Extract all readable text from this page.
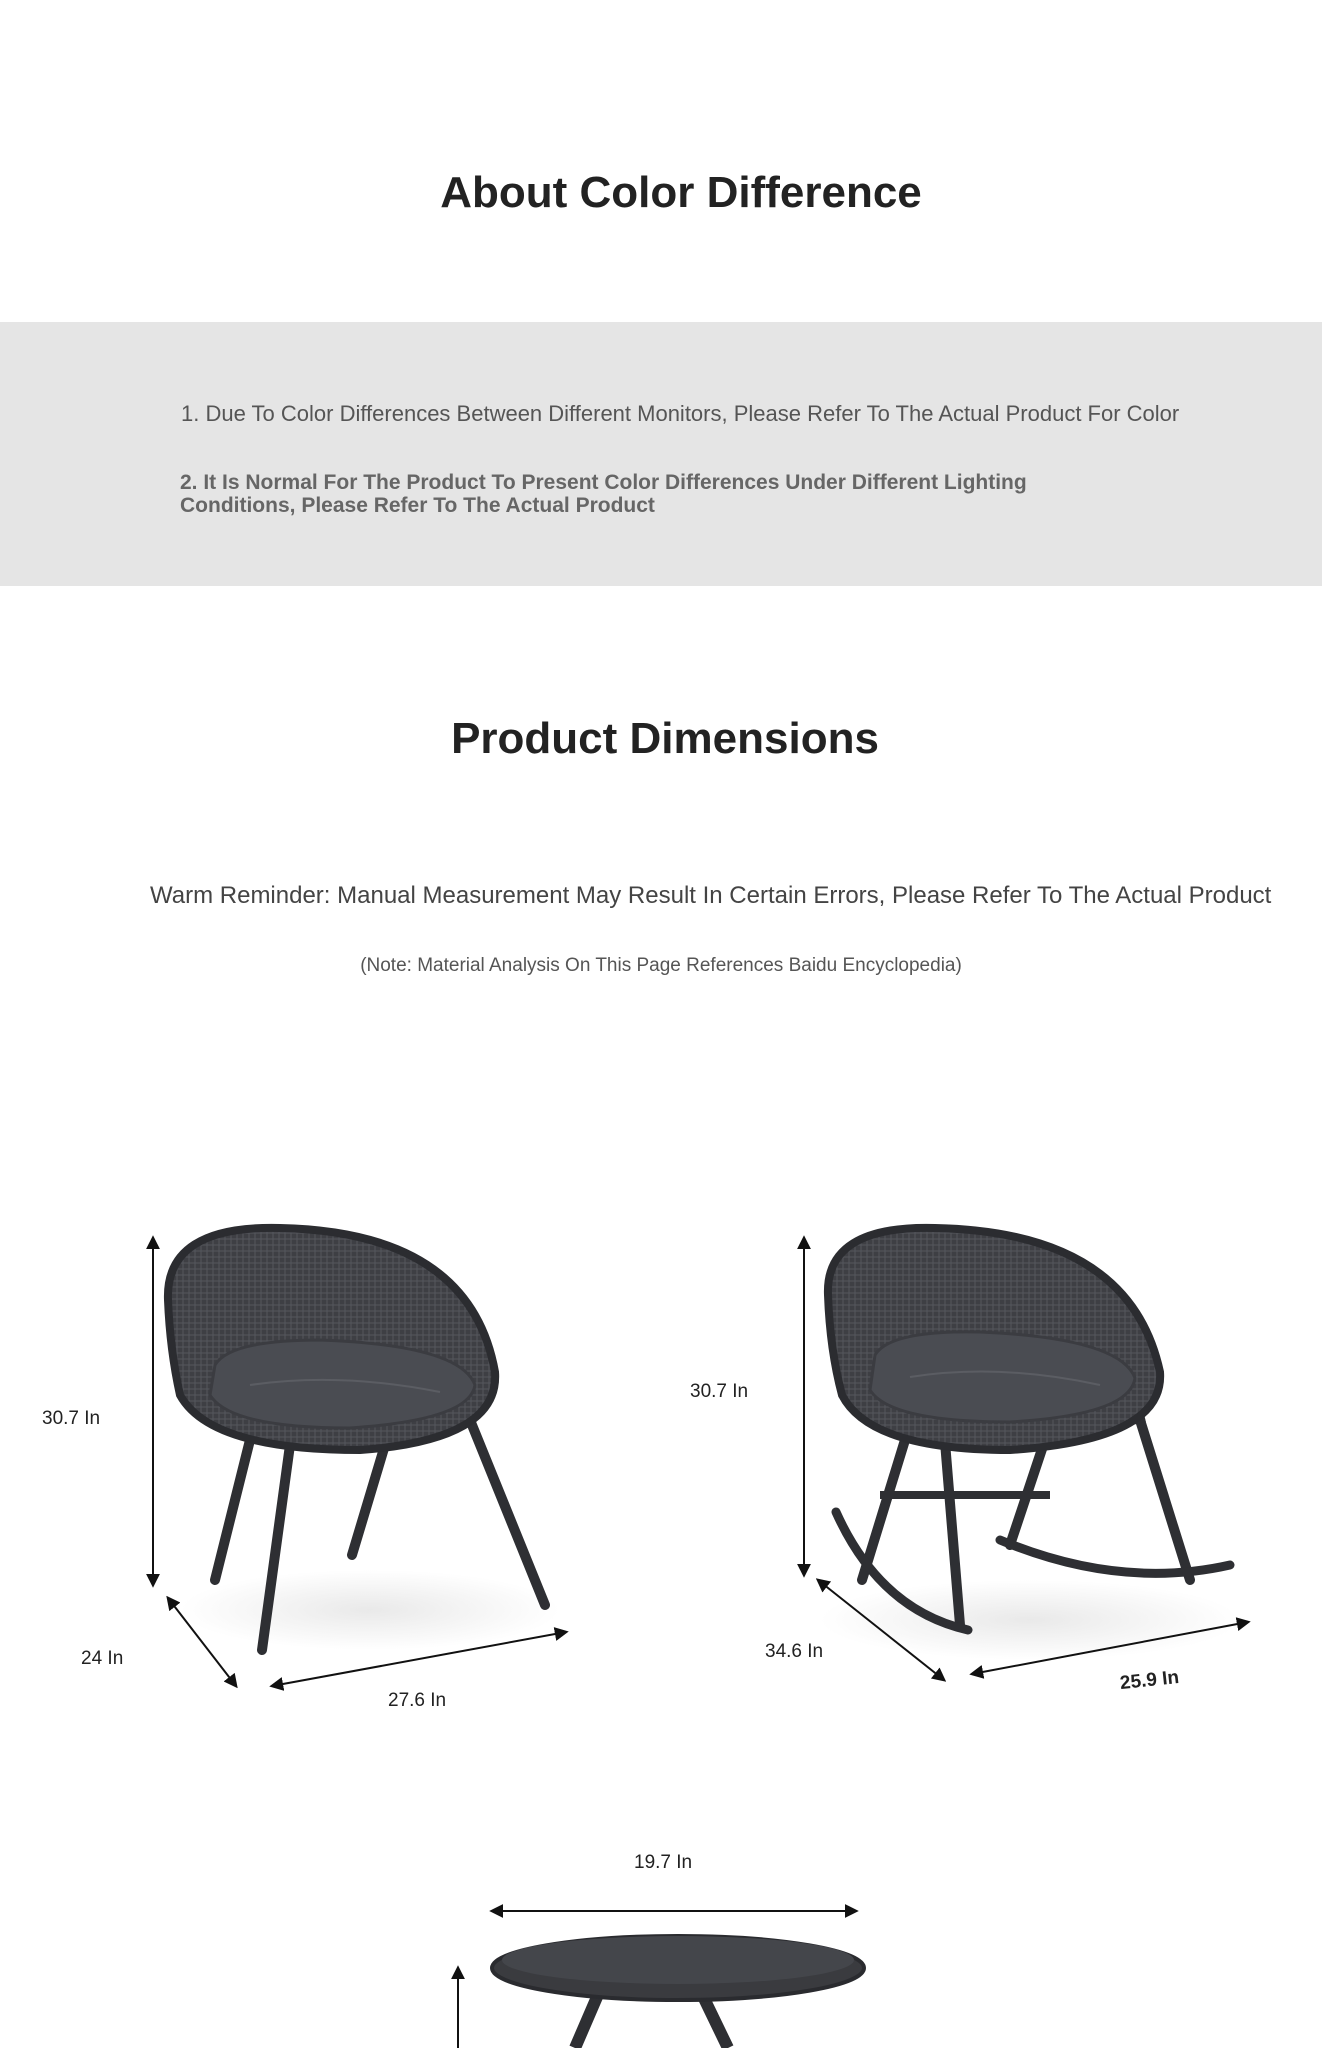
About Color Difference
1. Due To Color Differences Between Different Monitors, Please Refer To The Actual Product For Color
2. It Is Normal For The Product To Present Color Differences Under Different Lighting Conditions, Please Refer To The Actual Product
Product Dimensions
Warm Reminder: Manual Measurement May Result In Certain Errors, Please Refer To The Actual Product
(Note: Material Analysis On This Page References Baidu Encyclopedia)
30.7 In
24 In
27.6 In
30.7 In
34.6 In
25.9 In
19.7 In
